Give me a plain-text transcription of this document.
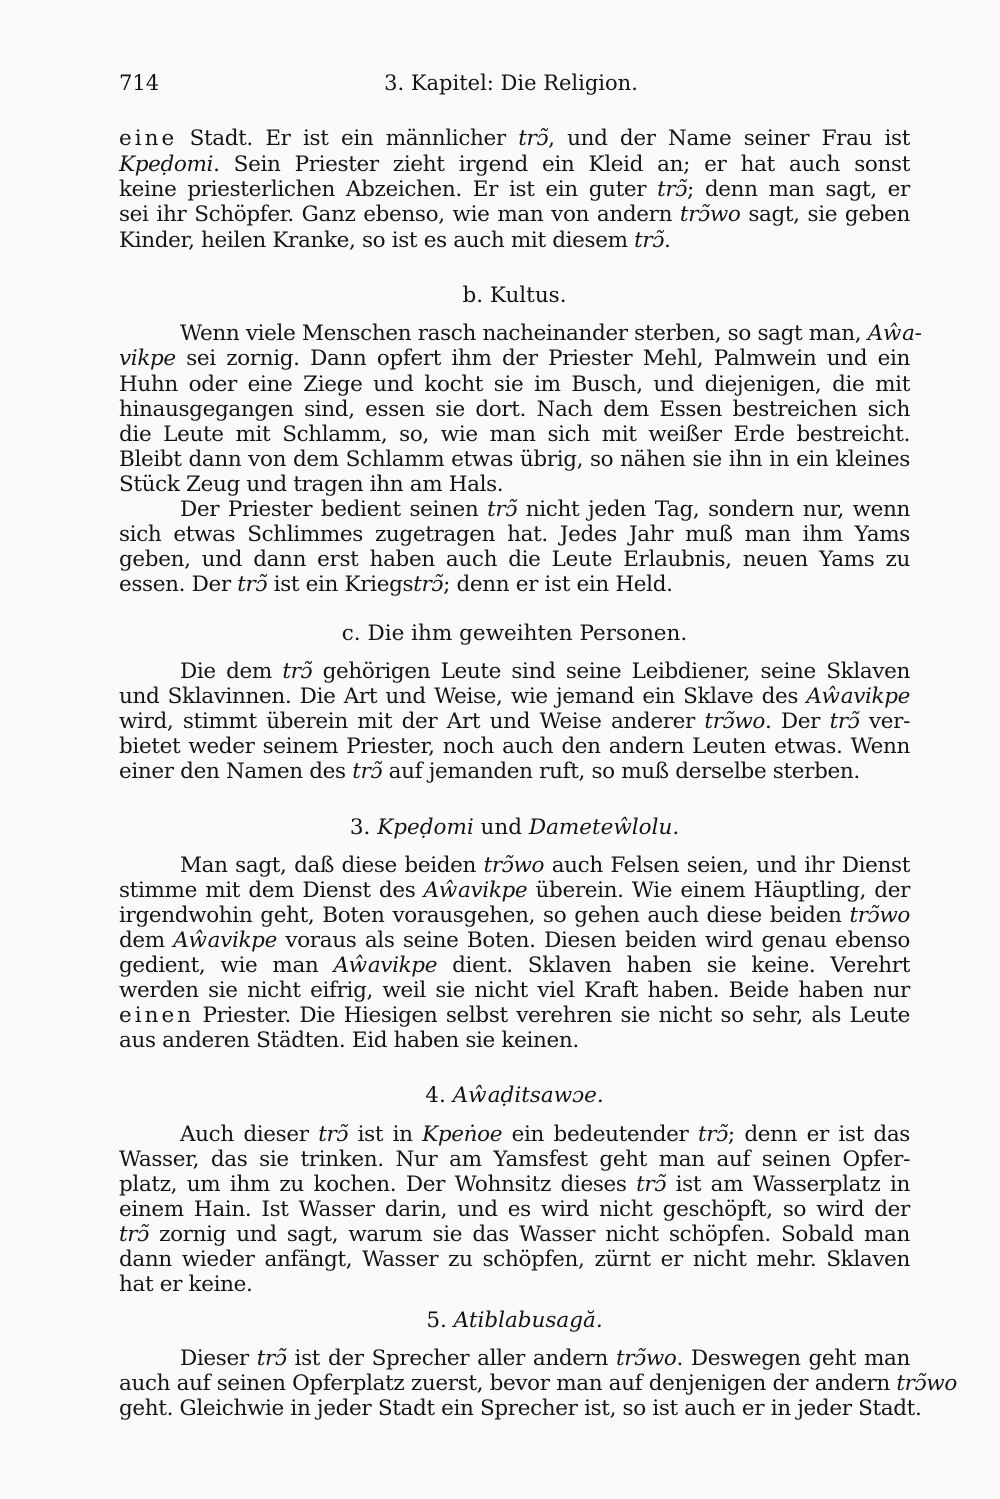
714	3. Kapitel: Die Religion.
eine Stadt. Er ist ein männlicher trɔ̃, und der Name seiner Frau ist
Kpeḍomi. Sein Priester zieht irgend ein Kleid an; er hat auch sonst
keine priesterlichen Abzeichen. Er ist ein guter trɔ̃; denn man sagt, er
sei ihr Schöpfer. Ganz ebenso, wie man von andern trɔ̃wo sagt, sie geben
Kinder, heilen Kranke, so ist es auch mit diesem trɔ̃.
b. Kultus.
Wenn viele Menschen rasch nacheinander sterben, so sagt man, Aŵa-
vikpe sei zornig. Dann opfert ihm der Priester Mehl, Palmwein und ein
Huhn oder eine Ziege und kocht sie im Busch, und diejenigen, die mit
hinausgegangen sind, essen sie dort. Nach dem Essen bestreichen sich
die Leute mit Schlamm, so, wie man sich mit weißer Erde bestreicht.
Bleibt dann von dem Schlamm etwas übrig, so nähen sie ihn in ein kleines
Stück Zeug und tragen ihn am Hals.
Der Priester bedient seinen trɔ̃ nicht jeden Tag, sondern nur, wenn
sich etwas Schlimmes zugetragen hat. Jedes Jahr muß man ihm Yams
geben, und dann erst haben auch die Leute Erlaubnis, neuen Yams zu
essen. Der trɔ̃ ist ein Kriegstrɔ̃; denn er ist ein Held.
c. Die ihm geweihten Personen.
Die dem trɔ̃ gehörigen Leute sind seine Leibdiener, seine Sklaven
und Sklavinnen. Die Art und Weise, wie jemand ein Sklave des Aŵavikpe
wird, stimmt überein mit der Art und Weise anderer trɔ̃wo. Der trɔ̃ ver-
bietet weder seinem Priester, noch auch den andern Leuten etwas. Wenn
einer den Namen des trɔ̃ auf jemanden ruft, so muß derselbe sterben.
3. Kpeḍomi und Dameteŵlolu.
Man sagt, daß diese beiden trɔ̃wo auch Felsen seien, und ihr Dienst
stimme mit dem Dienst des Aŵavikpe überein. Wie einem Häuptling, der
irgendwohin geht, Boten vorausgehen, so gehen auch diese beiden trɔ̃wo
dem Aŵavikpe voraus als seine Boten. Diesen beiden wird genau ebenso
gedient, wie man Aŵavikpe dient. Sklaven haben sie keine. Verehrt
werden sie nicht eifrig, weil sie nicht viel Kraft haben. Beide haben nur
einen Priester. Die Hiesigen selbst verehren sie nicht so sehr, als Leute
aus anderen Städten. Eid haben sie keinen.
4. Aŵaḍitsawɔe.
Auch dieser trɔ̃ ist in Kpeṅoe ein bedeutender trɔ̃; denn er ist das
Wasser, das sie trinken. Nur am Yamsfest geht man auf seinen Opfer-
platz, um ihm zu kochen. Der Wohnsitz dieses trɔ̃ ist am Wasserplatz in
einem Hain. Ist Wasser darin, und es wird nicht geschöpft, so wird der
trɔ̃ zornig und sagt, warum sie das Wasser nicht schöpfen. Sobald man
dann wieder anfängt, Wasser zu schöpfen, zürnt er nicht mehr. Sklaven
hat er keine.
5. Atiblabusagă.
Dieser trɔ̃ ist der Sprecher aller andern trɔ̃wo. Deswegen geht man
auch auf seinen Opferplatz zuerst, bevor man auf denjenigen der andern trɔ̃wo
geht. Gleichwie in jeder Stadt ein Sprecher ist, so ist auch er in jeder Stadt.
